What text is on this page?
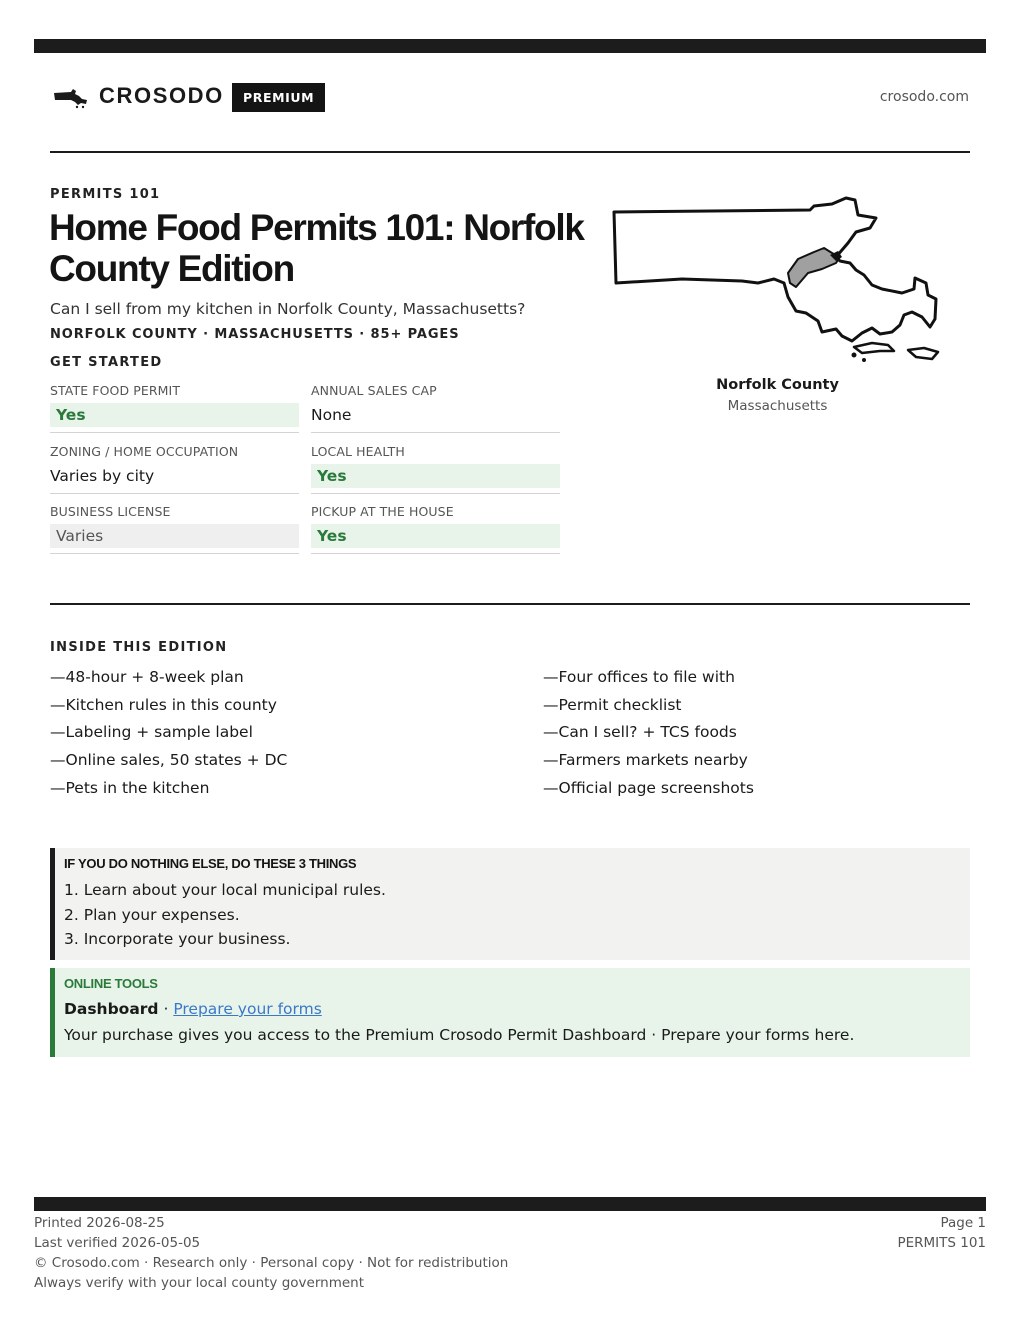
CROSODO	PREMIUM	crosodo.com
PERMITS 101
Home Food Permits 101: Norfolk County Edition
Can I sell from my kitchen in Norfolk County, Massachusetts?
NORFOLK COUNTY · MASSACHUSETTS · 85+ PAGES
GET STARTED
STATE FOOD PERMIT
Yes
ANNUAL SALES CAP
None
ZONING / HOME OCCUPATION
Varies by city
LOCAL HEALTH
Yes
BUSINESS LICENSE
Varies
PICKUP AT THE HOUSE
Yes
Norfolk County
Massachusetts
INSIDE THIS EDITION
—48-hour + 8-week plan
—Kitchen rules in this county
—Labeling + sample label
—Online sales, 50 states + DC
—Pets in the kitchen
—Four offices to file with
—Permit checklist
—Can I sell? + TCS foods
—Farmers markets nearby
—Official page screenshots
IF YOU DO NOTHING ELSE, DO THESE 3 THINGS
1. Learn about your local municipal rules.
2. Plan your expenses.
3. Incorporate your business.
ONLINE TOOLS
Dashboard · Prepare your forms
Your purchase gives you access to the Premium Crosodo Permit Dashboard · Prepare your forms here.
Printed 2026-08-25
Last verified 2026-05-05
© Crosodo.com · Research only · Personal copy · Not for redistribution
Always verify with your local county government
Page 1
PERMITS 101
